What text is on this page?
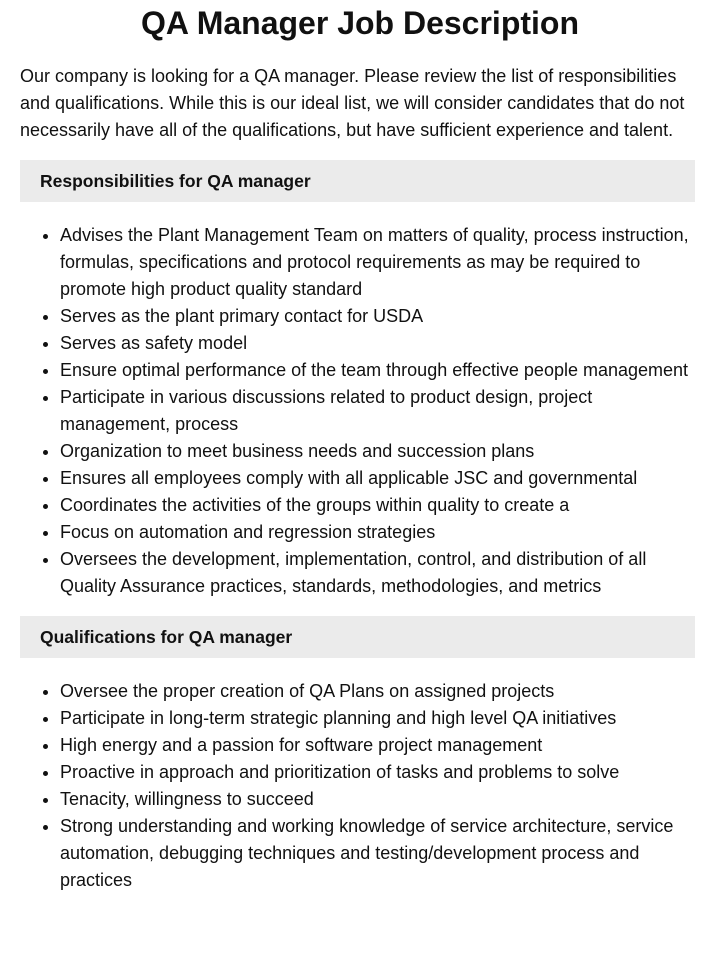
QA Manager Job Description

Our company is looking for a QA manager. Please review the list of responsibilities and qualifications. While this is our ideal list, we will consider candidates that do not necessarily have all of the qualifications, but have sufficient experience and talent.

Responsibilities for QA manager
• Advises the Plant Management Team on matters of quality, process instruction, formulas, specifications and protocol requirements as may be required to promote high product quality standard
• Serves as the plant primary contact for USDA
• Serves as safety model
• Ensure optimal performance of the team through effective people management
• Participate in various discussions related to product design, project management, process
• Organization to meet business needs and succession plans
• Ensures all employees comply with all applicable JSC and governmental
• Coordinates the activities of the groups within quality to create a
• Focus on automation and regression strategies
• Oversees the development, implementation, control, and distribution of all Quality Assurance practices, standards, methodologies, and metrics
Qualifications for QA manager
• Oversee the proper creation of QA Plans on assigned projects
• Participate in long-term strategic planning and high level QA initiatives
• High energy and a passion for software project management
• Proactive in approach and prioritization of tasks and problems to solve
• Tenacity, willingness to succeed
• Strong understanding and working knowledge of service architecture, service automation, debugging techniques and testing/development process and practices
